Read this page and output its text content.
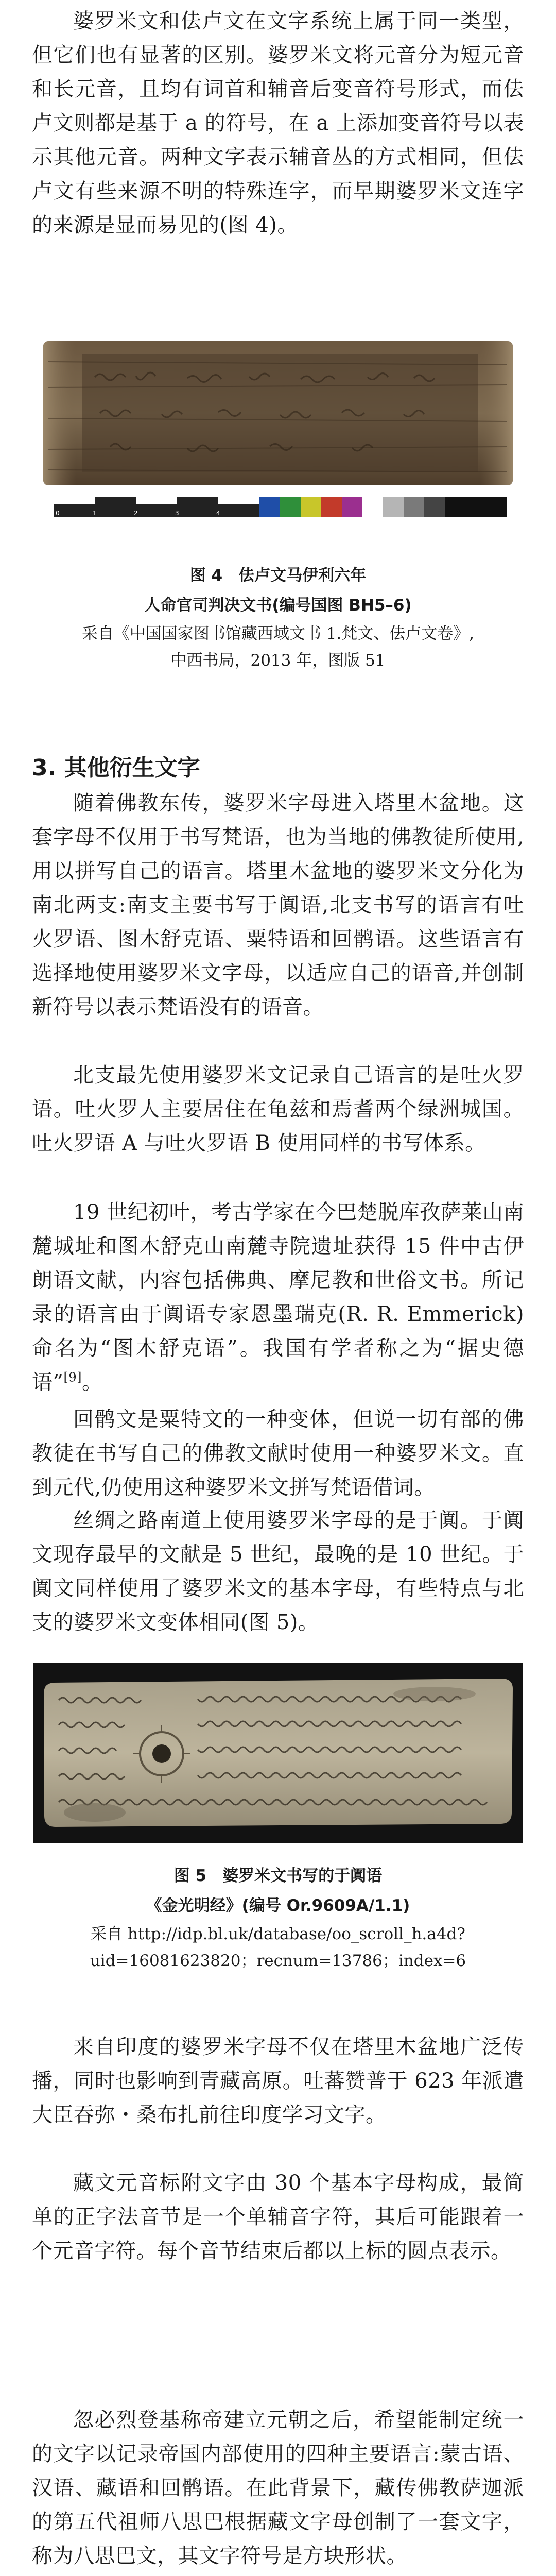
婆罗米文和佉卢文在文字系统上属于同一类型，但它们也有显著的区别。婆罗米文将元音分为短元音和长元音，且均有词首和辅音后变音符号形式，而佉卢文则都是基于 a 的符号，在 a 上添加变音符号以表示其他元音。两种文字表示辅音丛的方式相同，但佉卢文有些来源不明的特殊连字，而早期婆罗米文连字的来源是显而易见的(图 4)。

0	1	2	3	4

图 4　佉卢文马伊利六年

人命官司判决文书(编号国图 BH5–6)

采自《中国国家图书馆藏西域文书 1.梵文、佉卢文卷》,

中西书局，2013 年，图版 51

3. 其他衍生文字

随着佛教东传，婆罗米字母进入塔里木盆地。这套字母不仅用于书写梵语，也为当地的佛教徒所使用,用以拼写自己的语言。塔里木盆地的婆罗米文分化为南北两支:南支主要书写于阗语,北支书写的语言有吐火罗语、图木舒克语、粟特语和回鹘语。这些语言有选择地使用婆罗米文字母，以适应自己的语音,并创制新符号以表示梵语没有的语音。

北支最先使用婆罗米文记录自己语言的是吐火罗语。吐火罗人主要居住在龟兹和焉耆两个绿洲城国。吐火罗语 A 与吐火罗语 B 使用同样的书写体系。

19 世纪初叶，考古学家在今巴楚脱库孜萨莱山南麓城址和图木舒克山南麓寺院遗址获得 15 件中古伊朗语文献，内容包括佛典、摩尼教和世俗文书。所记录的语言由于阗语专家恩墨瑞克(R. R. Emmerick)命名为“图木舒克语”。我国有学者称之为“据史德语”[9]。

回鹘文是粟特文的一种变体，但说一切有部的佛教徒在书写自己的佛教文献时使用一种婆罗米文。直到元代,仍使用这种婆罗米文拼写梵语借词。

丝绸之路南道上使用婆罗米字母的是于阗。于阗文现存最早的文献是 5 世纪，最晚的是 10 世纪。于阗文同样使用了婆罗米文的基本字母，有些特点与北支的婆罗米文变体相同(图 5)。

图 5　婆罗米文书写的于阗语

《金光明经》(编号 Or.9609A/1.1)

采自 http://idp.bl.uk/database/oo_scroll_h.a4d?

uid=16081623820；recnum=13786；index=6

来自印度的婆罗米字母不仅在塔里木盆地广泛传播，同时也影响到青藏高原。吐蕃赞普于 623 年派遣大臣吞弥・桑布扎前往印度学习文字。

藏文元音标附文字由 30 个基本字母构成，最简单的正字法音节是一个单辅音字符，其后可能跟着一个元音字符。每个音节结束后都以上标的圆点表示。

忽必烈登基称帝建立元朝之后，希望能制定统一的文字以记录帝国内部使用的四种主要语言:蒙古语、汉语、藏语和回鹘语。在此背景下，藏传佛教萨迦派的第五代祖师八思巴根据藏文字母创制了一套文字，称为八思巴文，其文字符号是方块形状。
